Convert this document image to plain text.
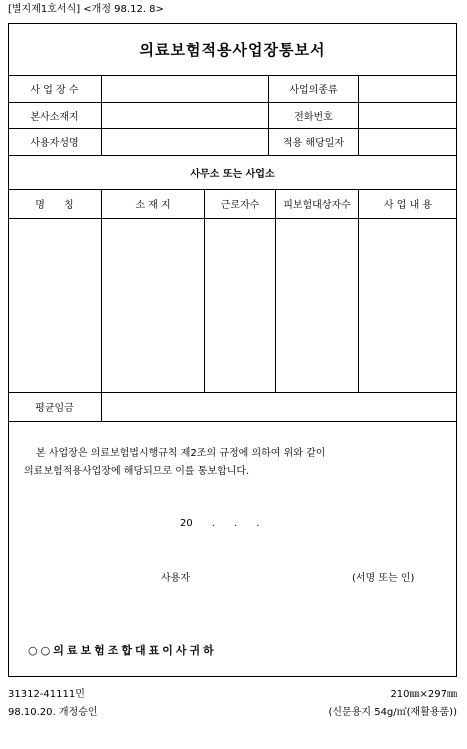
[별지제1호서식] <개정 98.12. 8>
의료보험적용사업장통보서
사 업 장 수	사업의종류
본사소재지	전화번호
사용자성명	적용 해당일자
사무소 또는 사업소
명      칭	소 재 지	근로자수	피보험대상자수	사 업 내 용
평균임금
본 사업장은 의료보험법시행규칙 제2조의 규정에 의하여 위와 같이
의료보험적용사업장에 해당되므로 이를 통보합니다.
20      .      .      .
사용자	(서명 또는 인)
○○의료보험조합대표이사귀하
31312-41111민
98.10.20. 개정승인
210㎜×297㎜
(신문용지 54g/㎡(재활용품))
